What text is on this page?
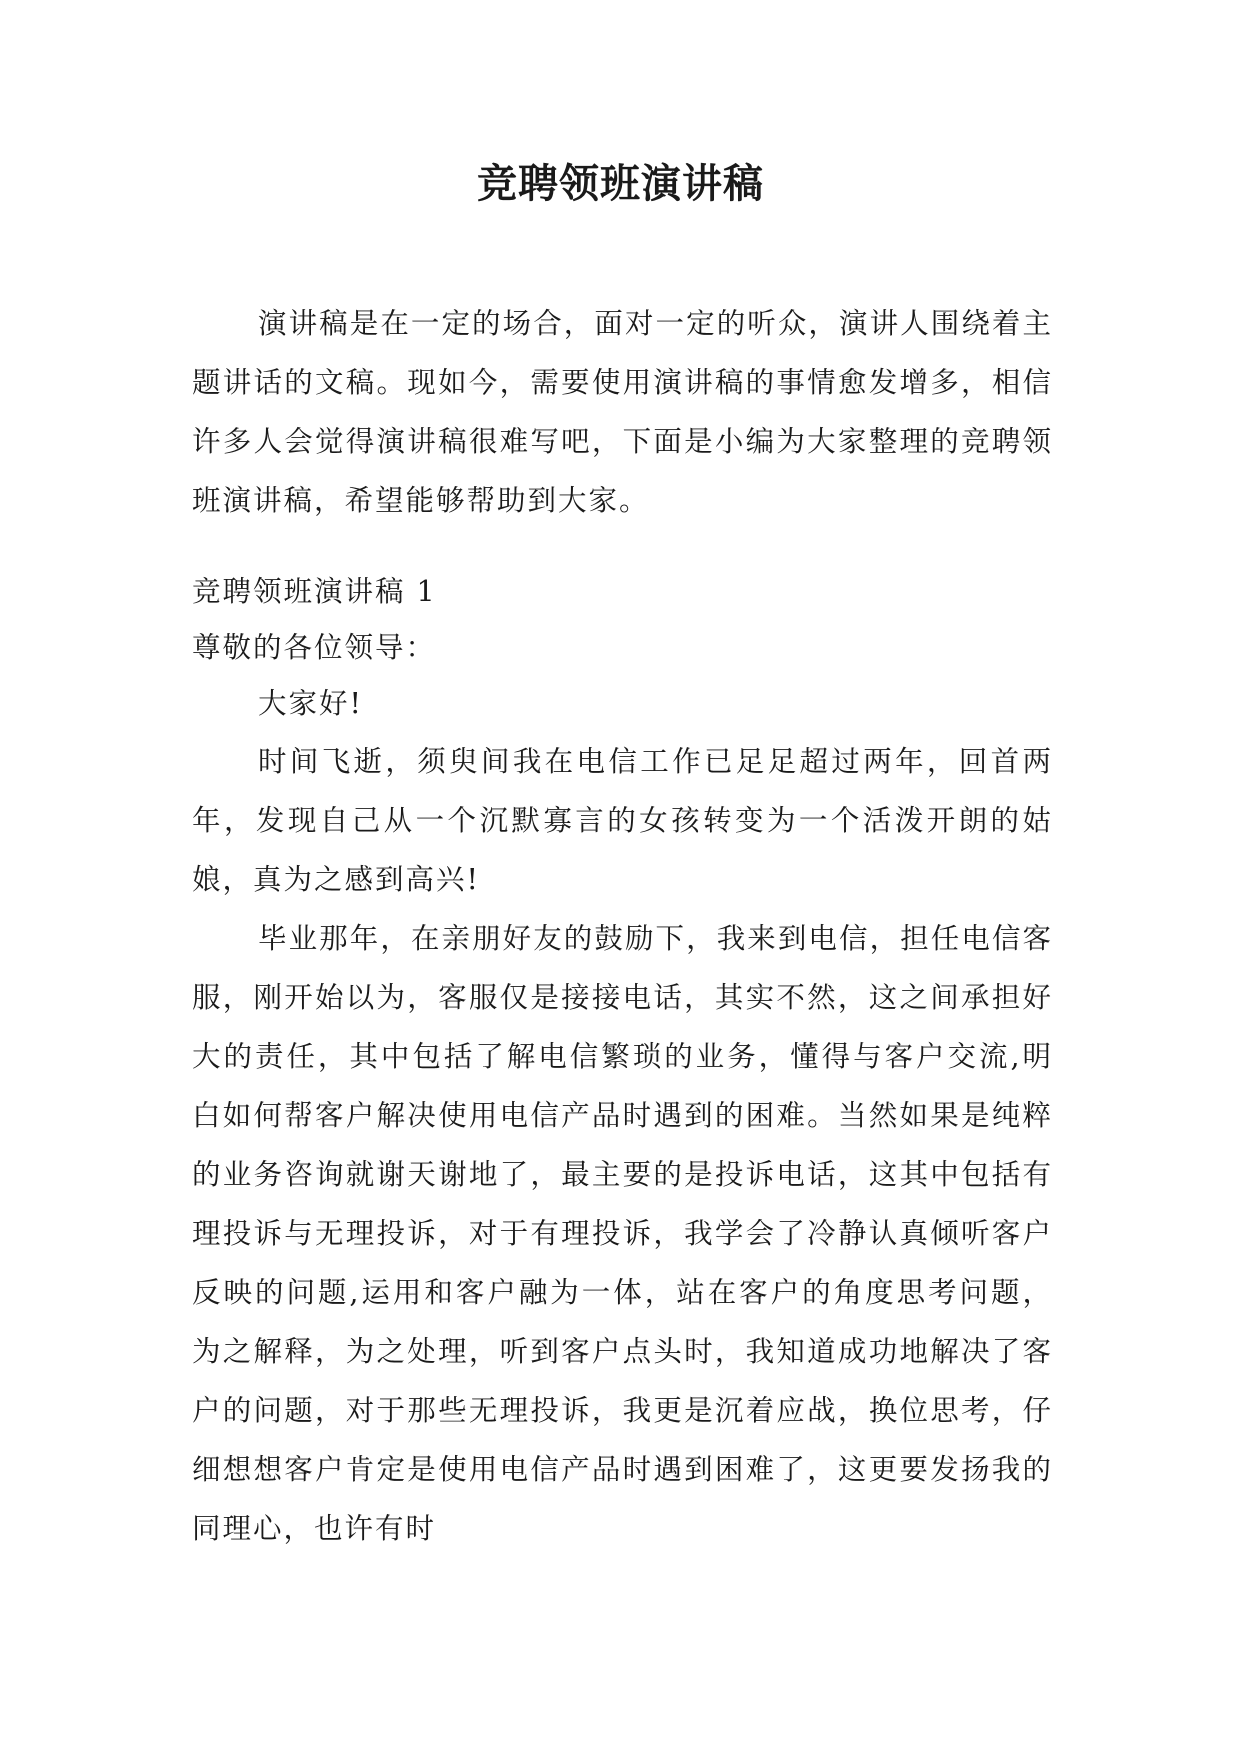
竞聘领班演讲稿

演讲稿是在一定的场合，面对一定的听众，演讲人围绕着主题讲话的文稿。现如今，需要使用演讲稿的事情愈发增多，相信许多人会觉得演讲稿很难写吧，下面是小编为大家整理的竞聘领班演讲稿，希望能够帮助到大家。

竞聘领班演讲稿 1

尊敬的各位领导：

大家好!

时间飞逝，须臾间我在电信工作已足足超过两年，回首两年，发现自己从一个沉默寡言的女孩转变为一个活泼开朗的姑娘，真为之感到高兴!

毕业那年，在亲朋好友的鼓励下，我来到电信，担任电信客服，刚开始以为，客服仅是接接电话，其实不然，这之间承担好大的责任，其中包括了解电信繁琐的业务，懂得与客户交流,明白如何帮客户解决使用电信产品时遇到的困难。当然如果是纯粹的业务咨询就谢天谢地了，最主要的是投诉电话，这其中包括有理投诉与无理投诉，对于有理投诉，我学会了冷静认真倾听客户反映的问题,运用和客户融为一体，站在客户的角度思考问题，为之解释，为之处理，听到客户点头时，我知道成功地解决了客户的问题，对于那些无理投诉，我更是沉着应战，换位思考，仔细想想客户肯定是使用电信产品时遇到困难了，这更要发扬我的同理心，也许有时
